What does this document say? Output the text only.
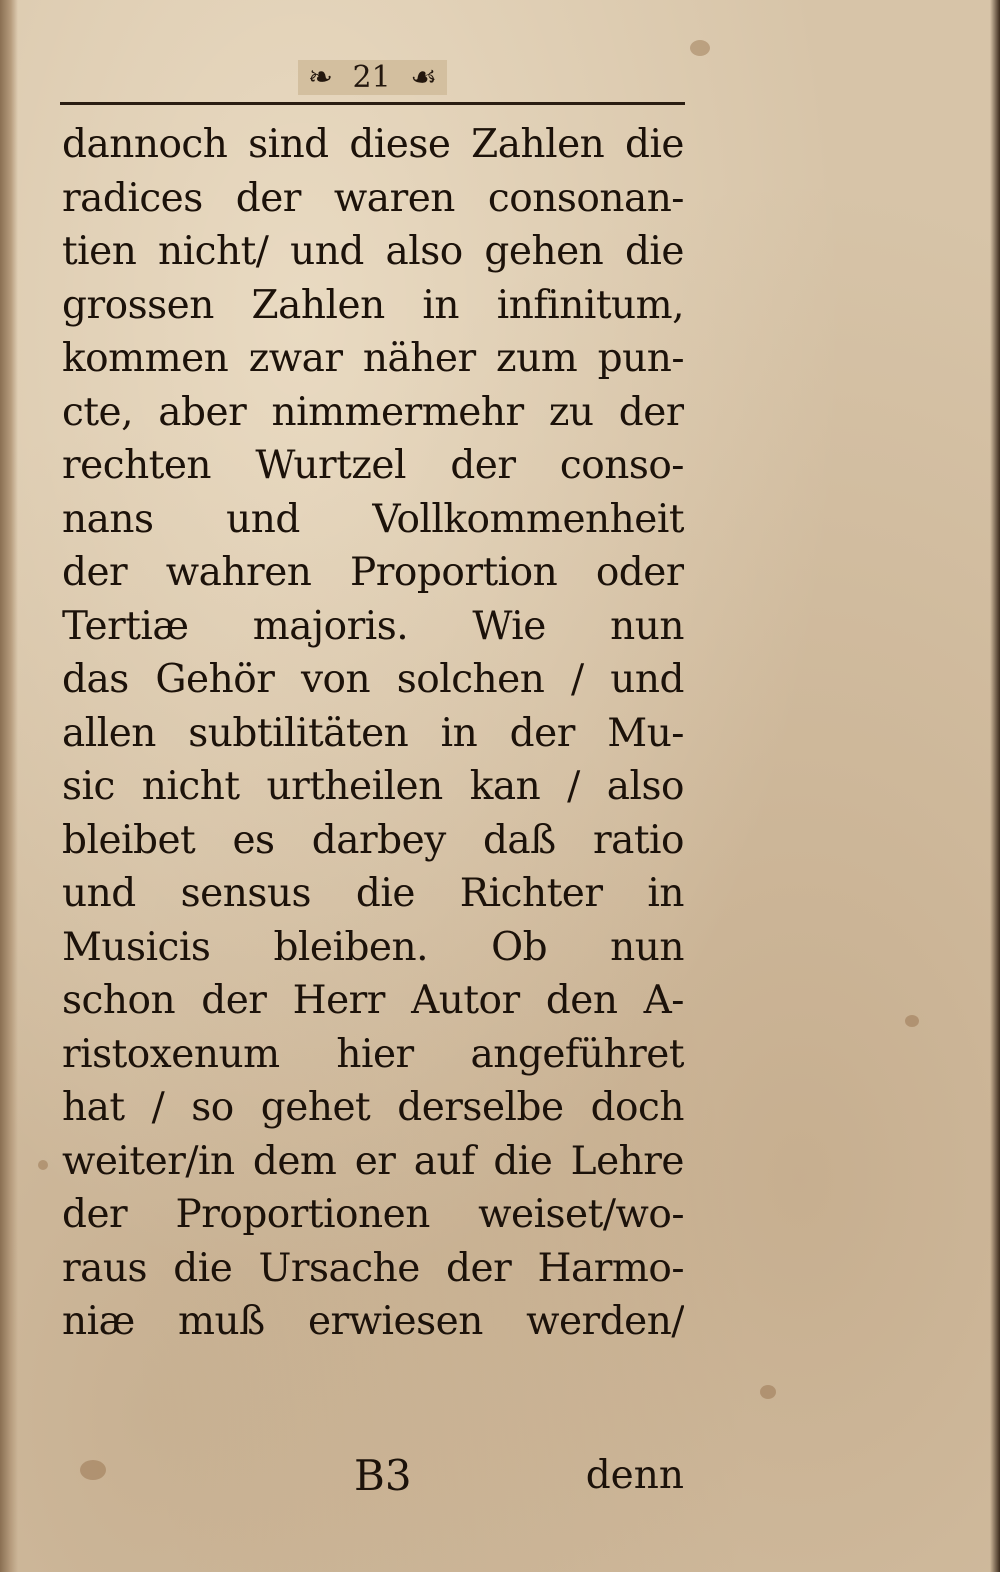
❧ 21 ☙
dannoch sind diese Zahlen die
radices der waren consonan-
tien nicht/ und also gehen die
grossen Zahlen in infinitum,
kommen zwar näher zum pun-
cte, aber nimmermehr zu der
rechten Wurtzel der conso-
nans und Vollkommenheit
der wahren Proportion oder
Tertiæ majoris. Wie nun
das Gehör von solchen / und
allen subtilitäten in der Mu-
sic nicht urtheilen kan / also
bleibet es darbey daß ratio
und sensus die Richter in
Musicis bleiben. Ob nun
schon der Herr Autor den A-
ristoxenum hier angeführet
hat / so gehet derselbe doch
weiter/in dem er auf die Lehre
der Proportionen weiset/wo-
raus die Ursache der Harmo-
niæ muß erwiesen werden/
B3	denn
